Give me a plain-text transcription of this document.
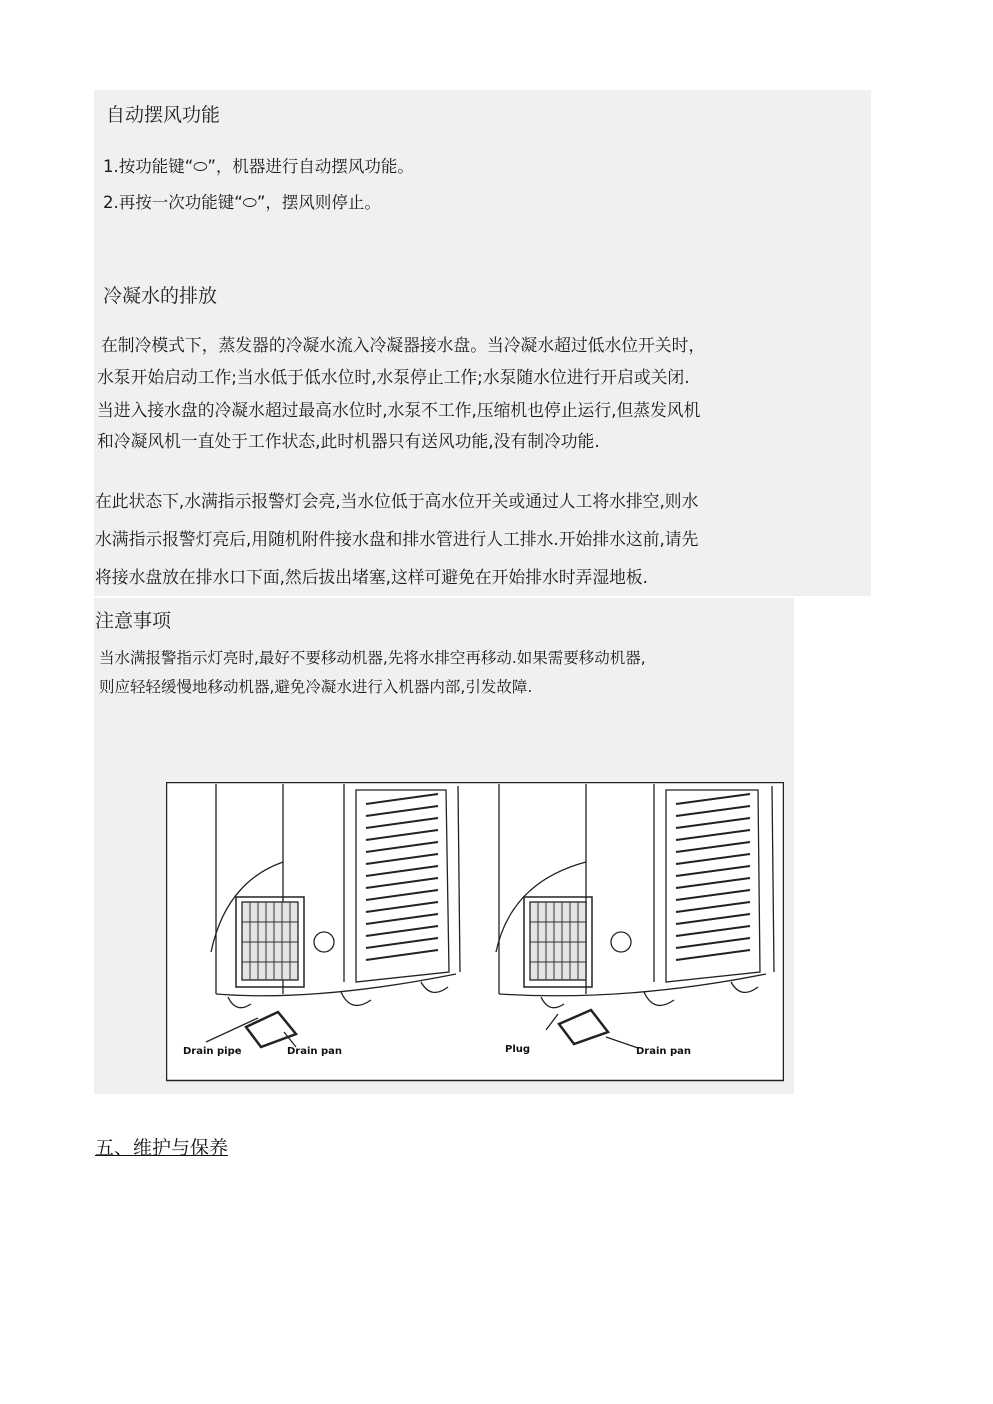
自动摆风功能
1.按功能键“⬭”，机器进行自动摆风功能。
2.再按一次功能键“⬭”，摆风则停止。
冷凝水的排放
在制冷模式下，蒸发器的冷凝水流入冷凝器接水盘。当冷凝水超过低水位开关时，
水泵开始启动工作;当水低于低水位时,水泵停止工作;水泵随水位进行开启或关闭.
当进入接水盘的冷凝水超过最高水位时,水泵不工作,压缩机也停止运行,但蒸发风机
和冷凝风机一直处于工作状态,此时机器只有送风功能,没有制冷功能.
在此状态下,水满指示报警灯会亮,当水位低于高水位开关或通过人工将水排空,则水
水满指示报警灯亮后,用随机附件接水盘和排水管进行人工排水.开始排水这前,请先
将接水盘放在排水口下面,然后拔出堵塞,这样可避免在开始排水时弄湿地板.
注意事项
当水满报警指示灯亮时,最好不要移动机器,先将水排空再移动.如果需要移动机器,
则应轻轻缓慢地移动机器,避免冷凝水进行入机器内部,引发故障.
Drain pipe	Drain pan	Plug	Drain pan
五、维护与保养
